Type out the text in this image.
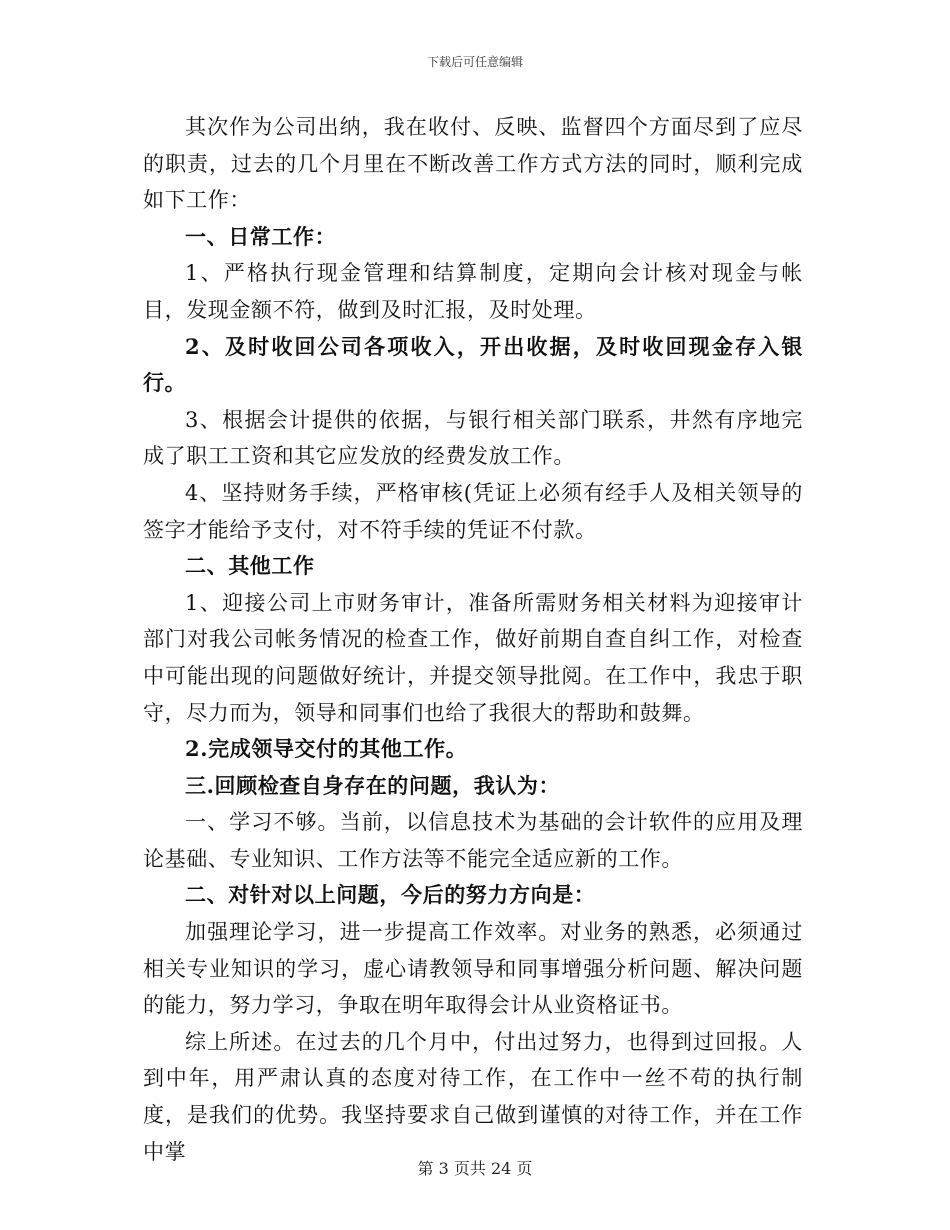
下载后可任意编辑

其次作为公司出纳，我在收付、反映、监督四个方面尽到了应尽的职责，过去的几个月里在不断改善工作方式方法的同时，顺利完成如下工作：

一、日常工作：

1、严格执行现金管理和结算制度，定期向会计核对现金与帐目，发现金额不符，做到及时汇报，及时处理。

2、及时收回公司各项收入，开出收据，及时收回现金存入银行。

3、根据会计提供的依据，与银行相关部门联系，井然有序地完成了职工工资和其它应发放的经费发放工作。

4、坚持财务手续，严格审核(凭证上必须有经手人及相关领导的签字才能给予支付，对不符手续的凭证不付款。

二、其他工作

1、迎接公司上市财务审计，准备所需财务相关材料为迎接审计部门对我公司帐务情况的检查工作，做好前期自查自纠工作，对检查中可能出现的问题做好统计，并提交领导批阅。在工作中，我忠于职守，尽力而为，领导和同事们也给了我很大的帮助和鼓舞。

2.完成领导交付的其他工作。

三.回顾检查自身存在的问题，我认为：

一、学习不够。当前，以信息技术为基础的会计软件的应用及理论基础、专业知识、工作方法等不能完全适应新的工作。

二、对针对以上问题，今后的努力方向是：

加强理论学习，进一步提高工作效率。对业务的熟悉，必须通过相关专业知识的学习，虚心请教领导和同事增强分析问题、解决问题的能力，努力学习，争取在明年取得会计从业资格证书。

综上所述。在过去的几个月中，付出过努力，也得到过回报。人到中年，用严肃认真的态度对待工作，在工作中一丝不苟的执行制度，是我们的优势。我坚持要求自己做到谨慎的对待工作，并在工作中掌

第 3 页共 24 页
